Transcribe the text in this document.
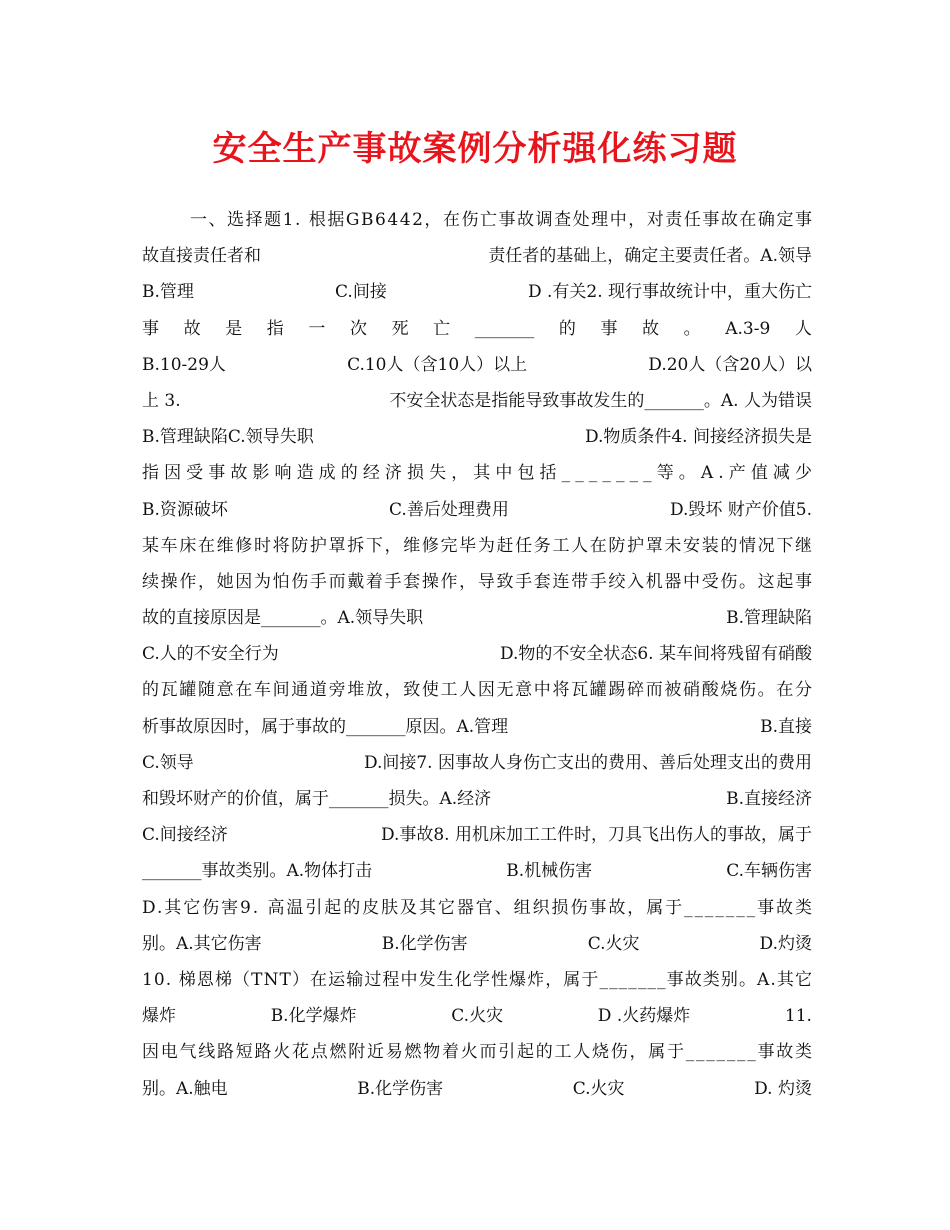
安全生产事故案例分析强化练习题
一、选择题1. 根据GB6442，在伤亡事故调查处理中，对责任事故在确定事
故直接责任者和	责任者的基础上，确定主要责任者。A.领导
B.管理	C.间接	D .有关2. 现行事故统计中，重大伤亡
事 故 是 指 一 次 死 亡 _______ 的 事 故 。 A.3-9 人
B.10-29人	C.10人（含10人）以上	D.20人（含20人）以
上 3.	不安全状态是指能导致事故发生的_______。A. 人为错误
B.管理缺陷C.领导失职	D.物质条件4. 间接经济损失是
指因受事故影响造成的经济损失，其中包括_______等。A.产值减少
B.资源破坏	C.善后处理费用	D.毁坏 财产价值5.
某车床在维修时将防护罩拆下，维修完毕为赶任务工人在防护罩未安装的情况下继
续操作，她因为怕伤手而戴着手套操作，导致手套连带手绞入机器中受伤。这起事
故的直接原因是_______。A.领导失职	B.管理缺陷
C.人的不安全行为	D.物的不安全状态6. 某车间将残留有硝酸
的瓦罐随意在车间通道旁堆放，致使工人因无意中将瓦罐踢碎而被硝酸烧伤。在分
析事故原因时，属于事故的_______原因。A.管理	B.直接
C.领导	D.间接7. 因事故人身伤亡支出的费用、善后处理支出的费用
和毁坏财产的价值，属于_______损失。A.经济	B.直接经济
C.间接经济	D.事故8. 用机床加工工件时，刀具飞出伤人的事故，属于
_______事故类别。A.物体打击	B.机械伤害	C.车辆伤害
D.其它伤害9. 高温引起的皮肤及其它器官、组织损伤事故，属于_______事故类
别。A.其它伤害	B.化学伤害	C.火灾	D.灼烫
10. 梯恩梯（TNT）在运输过程中发生化学性爆炸，属于_______事故类别。A.其它
爆炸	B.化学爆炸	C.火灾	D .火药爆炸	11.
因电气线路短路火花点燃附近易燃物着火而引起的工人烧伤，属于_______事故类
别。A.触电	B.化学伤害	C.火灾	D. 灼烫
